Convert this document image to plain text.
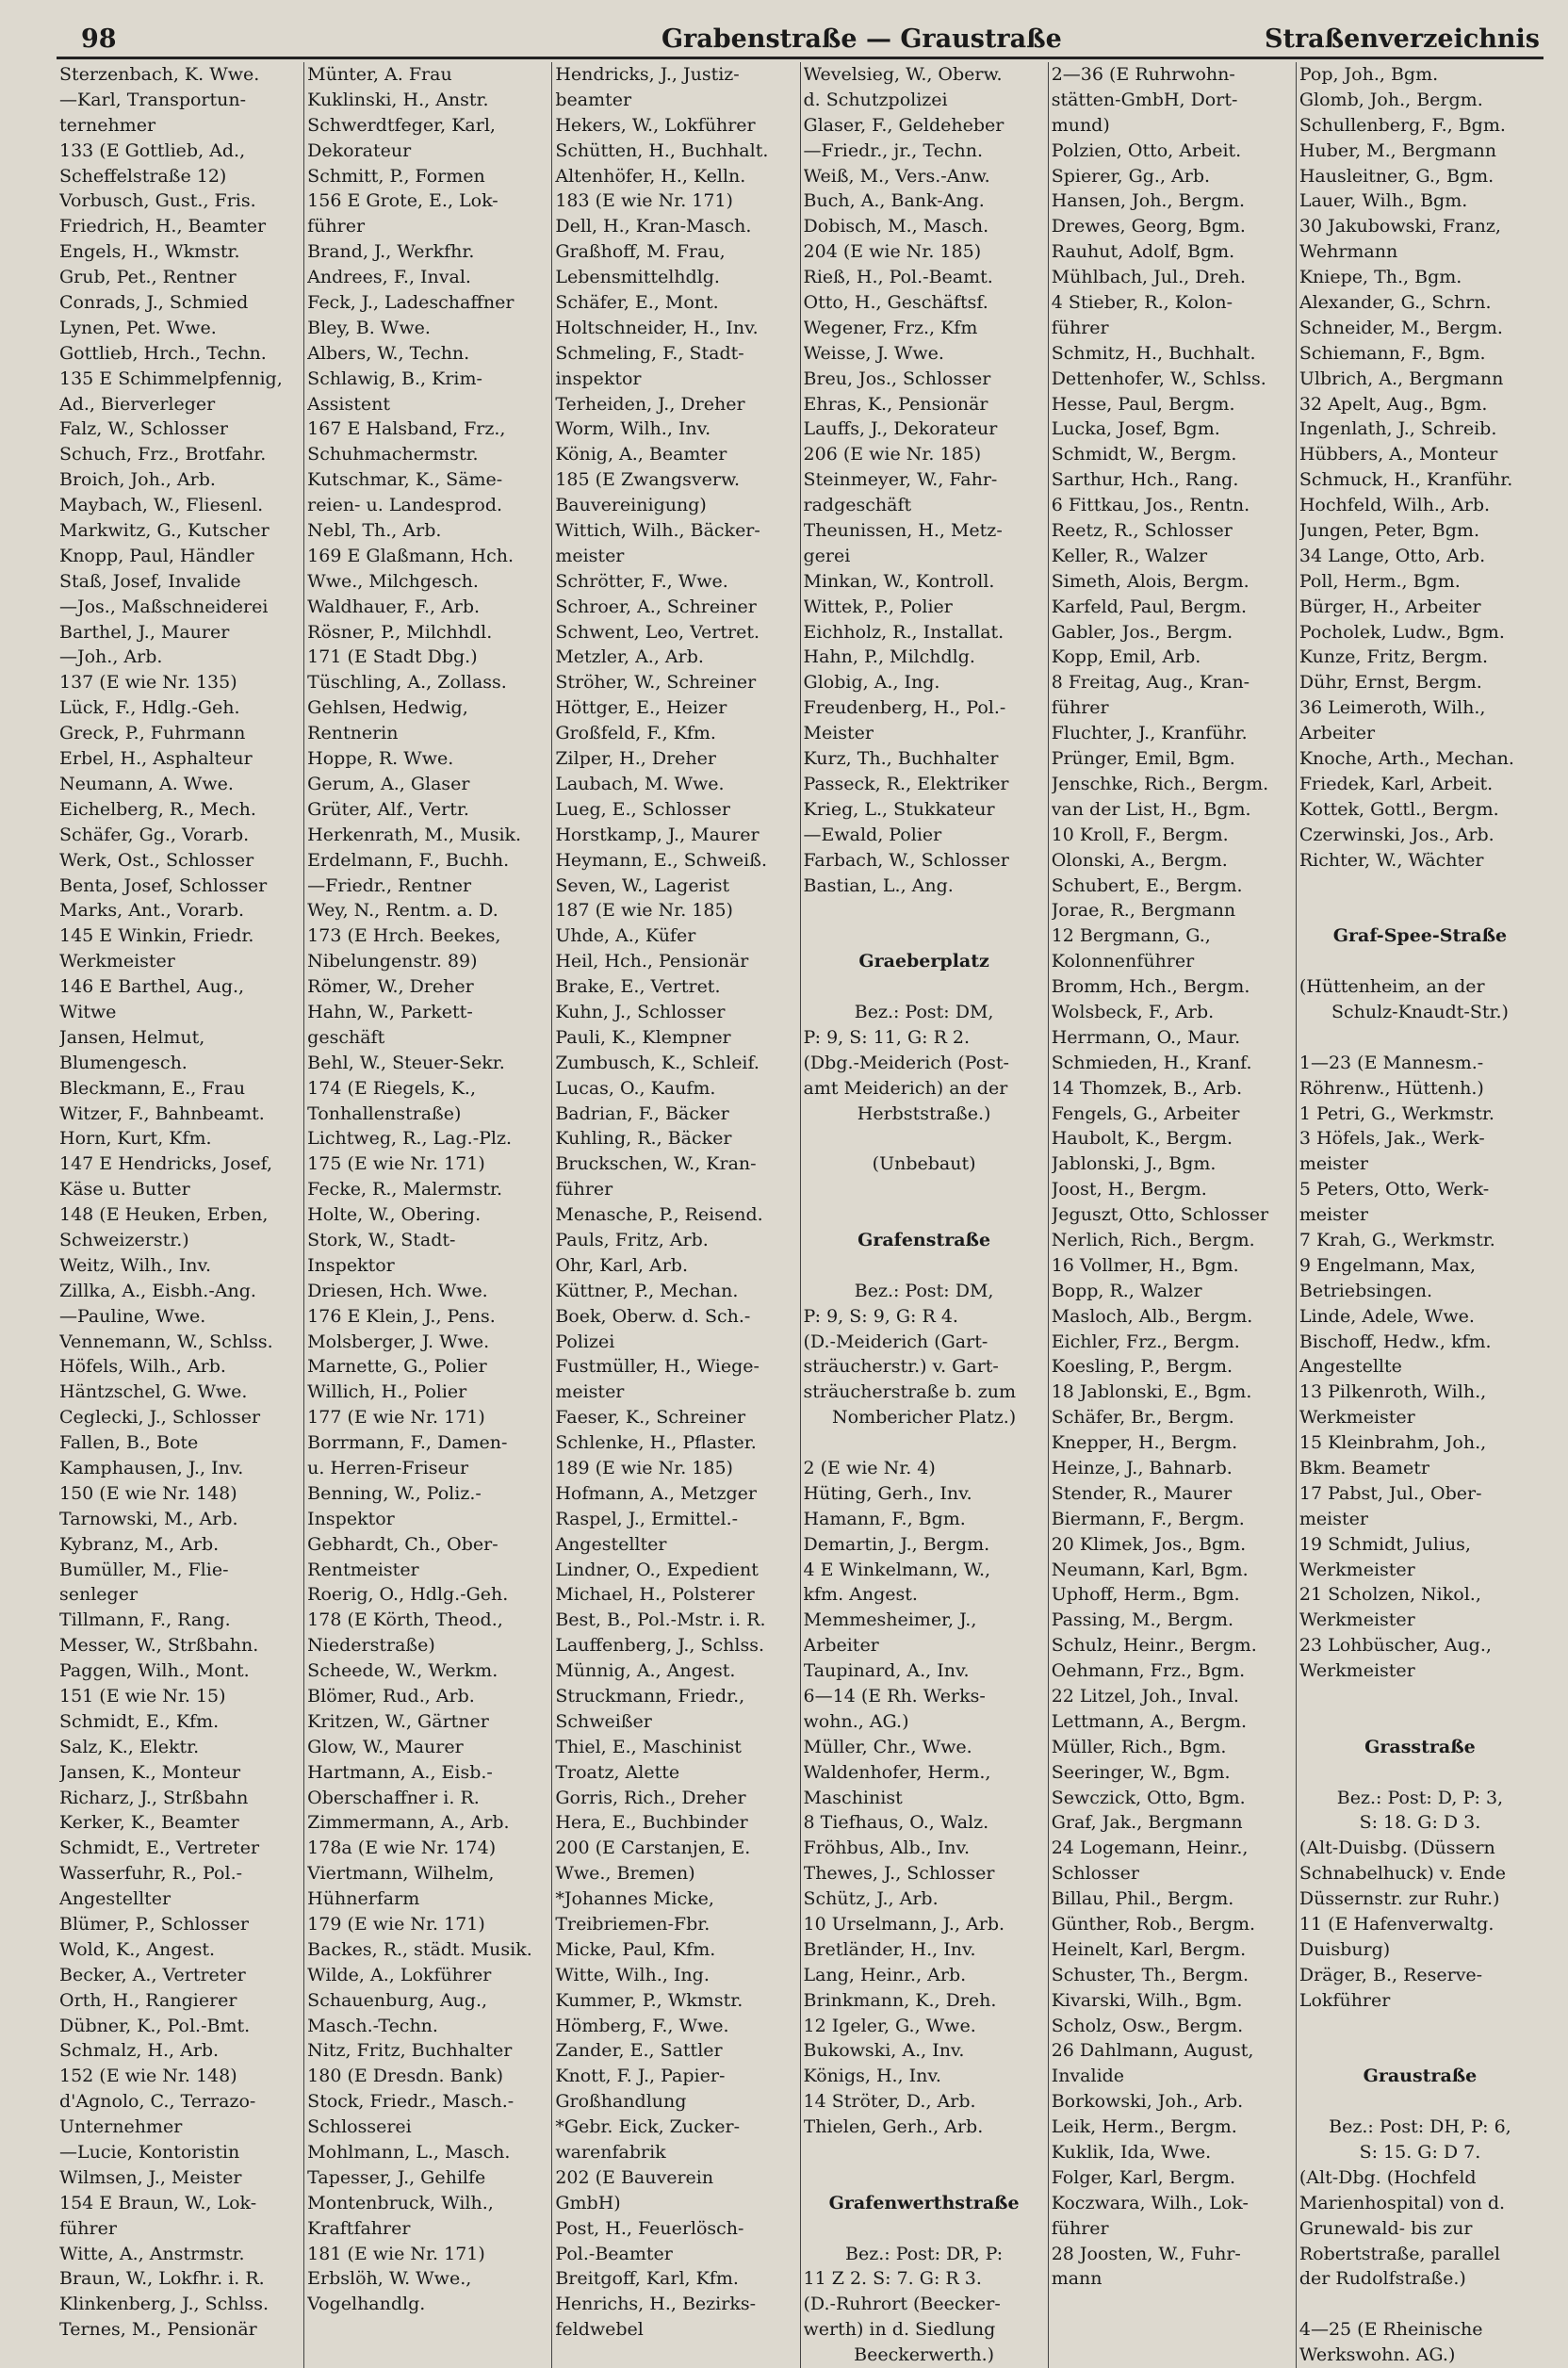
98	Grabenstraße — Graustraße	Straßenverzeichnis
Sterzenbach, K. Wwe.
—Karl, Transportun-
ternehmer
133 (E Gottlieb, Ad.,
Scheffelstraße 12)
Vorbusch, Gust., Fris.
Friedrich, H., Beamter
Engels, H., Wkmstr.
Grub, Pet., Rentner
Conrads, J., Schmied
Lynen, Pet. Wwe.
Gottlieb, Hrch., Techn.
135 E Schimmelpfennig,
Ad., Bierverleger
Falz, W., Schlosser
Schuch, Frz., Brotfahr.
Broich, Joh., Arb.
Maybach, W., Fliesenl.
Markwitz, G., Kutscher
Knopp, Paul, Händler
Staß, Josef, Invalide
—Jos., Maßschneiderei
Barthel, J., Maurer
—Joh., Arb.
137 (E wie Nr. 135)
Lück, F., Hdlg.-Geh.
Greck, P., Fuhrmann
Erbel, H., Asphalteur
Neumann, A. Wwe.
Eichelberg, R., Mech.
Schäfer, Gg., Vorarb.
Werk, Ost., Schlosser
Benta, Josef, Schlosser
Marks, Ant., Vorarb.
145 E Winkin, Friedr.
Werkmeister
146 E Barthel, Aug.,
Witwe
Jansen, Helmut,
Blumengesch.
Bleckmann, E., Frau
Witzer, F., Bahnbeamt.
Horn, Kurt, Kfm.
147 E Hendricks, Josef,
Käse u. Butter
148 (E Heuken, Erben,
Schweizerstr.)
Weitz, Wilh., Inv.
Zillka, A., Eisbh.-Ang.
—Pauline, Wwe.
Vennemann, W., Schlss.
Höfels, Wilh., Arb.
Häntzschel, G. Wwe.
Ceglecki, J., Schlosser
Fallen, B., Bote
Kamphausen, J., Inv.
150 (E wie Nr. 148)
Tarnowski, M., Arb.
Kybranz, M., Arb.
Bumüller, M., Flie-
senleger
Tillmann, F., Rang.
Messer, W., Strßbahn.
Paggen, Wilh., Mont.
151 (E wie Nr. 15)
Schmidt, E., Kfm.
Salz, K., Elektr.
Jansen, K., Monteur
Richarz, J., Strßbahn
Kerker, K., Beamter
Schmidt, E., Vertreter
Wasserfuhr, R., Pol.-
Angestellter
Blümer, P., Schlosser
Wold, K., Angest.
Becker, A., Vertreter
Orth, H., Rangierer
Dübner, K., Pol.-Bmt.
Schmalz, H., Arb.
152 (E wie Nr. 148)
d'Agnolo, C., Terrazo-
Unternehmer
—Lucie, Kontoristin
Wilmsen, J., Meister
154 E Braun, W., Lok-
führer
Witte, A., Anstrmstr.
Braun, W., Lokfhr. i. R.
Klinkenberg, J., Schlss.
Ternes, M., Pensionär
Münter, A. Frau
Kuklinski, H., Anstr.
Schwerdtfeger, Karl,
Dekorateur
Schmitt, P., Formen
156 E Grote, E., Lok-
führer
Brand, J., Werkfhr.
Andrees, F., Inval.
Feck, J., Ladeschaffner
Bley, B. Wwe.
Albers, W., Techn.
Schlawig, B., Krim-
Assistent
167 E Halsband, Frz.,
Schuhmachermstr.
Kutschmar, K., Säme-
reien- u. Landesprod.
Nebl, Th., Arb.
169 E Glaßmann, Hch.
Wwe., Milchgesch.
Waldhauer, F., Arb.
Rösner, P., Milchhdl.
171 (E Stadt Dbg.)
Tüschling, A., Zollass.
Gehlsen, Hedwig,
Rentnerin
Hoppe, R. Wwe.
Gerum, A., Glaser
Grüter, Alf., Vertr.
Herkenrath, M., Musik.
Erdelmann, F., Buchh.
—Friedr., Rentner
Wey, N., Rentm. a. D.
173 (E Hrch. Beekes,
Nibelungenstr. 89)
Römer, W., Dreher
Hahn, W., Parkett-
geschäft
Behl, W., Steuer-Sekr.
174 (E Riegels, K.,
Tonhallenstraße)
Lichtweg, R., Lag.-Plz.
175 (E wie Nr. 171)
Fecke, R., Malermstr.
Holte, W., Obering.
Stork, W., Stadt-
Inspektor
Driesen, Hch. Wwe.
176 E Klein, J., Pens.
Molsberger, J. Wwe.
Marnette, G., Polier
Willich, H., Polier
177 (E wie Nr. 171)
Borrmann, F., Damen-
u. Herren-Friseur
Benning, W., Poliz.-
Inspektor
Gebhardt, Ch., Ober-
Rentmeister
Roerig, O., Hdlg.-Geh.
178 (E Körth, Theod.,
Niederstraße)
Scheede, W., Werkm.
Blömer, Rud., Arb.
Kritzen, W., Gärtner
Glow, W., Maurer
Hartmann, A., Eisb.-
Oberschaffner i. R.
Zimmermann, A., Arb.
178a (E wie Nr. 174)
Viertmann, Wilhelm,
Hühnerfarm
179 (E wie Nr. 171)
Backes, R., städt. Musik.
Wilde, A., Lokführer
Schauenburg, Aug.,
Masch.-Techn.
Nitz, Fritz, Buchhalter
180 (E Dresdn. Bank)
Stock, Friedr., Masch.-
Schlosserei
Mohlmann, L., Masch.
Tapesser, J., Gehilfe
Montenbruck, Wilh.,
Kraftfahrer
181 (E wie Nr. 171)
Erbslöh, W. Wwe.,
Vogelhandlg.
Hendricks, J., Justiz-
beamter
Hekers, W., Lokführer
Schütten, H., Buchhalt.
Altenhöfer, H., Kelln.
183 (E wie Nr. 171)
Dell, H., Kran-Masch.
Graßhoff, M. Frau,
Lebensmittelhdlg.
Schäfer, E., Mont.
Holtschneider, H., Inv.
Schmeling, F., Stadt-
inspektor
Terheiden, J., Dreher
Worm, Wilh., Inv.
König, A., Beamter
185 (E Zwangsverw.
Bauvereinigung)
Wittich, Wilh., Bäcker-
meister
Schrötter, F., Wwe.
Schroer, A., Schreiner
Schwent, Leo, Vertret.
Metzler, A., Arb.
Ströher, W., Schreiner
Höttger, E., Heizer
Großfeld, F., Kfm.
Zilper, H., Dreher
Laubach, M. Wwe.
Lueg, E., Schlosser
Horstkamp, J., Maurer
Heymann, E., Schweiß.
Seven, W., Lagerist
187 (E wie Nr. 185)
Uhde, A., Küfer
Heil, Hch., Pensionär
Brake, E., Vertret.
Kuhn, J., Schlosser
Pauli, K., Klempner
Zumbusch, K., Schleif.
Lucas, O., Kaufm.
Badrian, F., Bäcker
Kuhling, R., Bäcker
Bruckschen, W., Kran-
führer
Menasche, P., Reisend.
Pauls, Fritz, Arb.
Ohr, Karl, Arb.
Küttner, P., Mechan.
Boek, Oberw. d. Sch.-
Polizei
Fustmüller, H., Wiege-
meister
Faeser, K., Schreiner
Schlenke, H., Pflaster.
189 (E wie Nr. 185)
Hofmann, A., Metzger
Raspel, J., Ermittel.-
Angestellter
Lindner, O., Expedient
Michael, H., Polsterer
Best, B., Pol.-Mstr. i. R.
Lauffenberg, J., Schlss.
Münnig, A., Angest.
Struckmann, Friedr.,
Schweißer
Thiel, E., Maschinist
Troatz, Alette
Gorris, Rich., Dreher
Hera, E., Buchbinder
200 (E Carstanjen, E.
Wwe., Bremen)
*Johannes Micke,
Treibriemen-Fbr.
Micke, Paul, Kfm.
Witte, Wilh., Ing.
Kummer, P., Wkmstr.
Hömberg, F., Wwe.
Zander, E., Sattler
Knott, F. J., Papier-
Großhandlung
*Gebr. Eick, Zucker-
warenfabrik
202 (E Bauverein
GmbH)
Post, H., Feuerlösch-
Pol.-Beamter
Breitgoff, Karl, Kfm.
Henrichs, H., Bezirks-
feldwebel
Wevelsieg, W., Oberw.
d. Schutzpolizei
Glaser, F., Geldeheber
—Friedr., jr., Techn.
Weiß, M., Vers.-Anw.
Buch, A., Bank-Ang.
Dobisch, M., Masch.
204 (E wie Nr. 185)
Rieß, H., Pol.-Beamt.
Otto, H., Geschäftsf.
Wegener, Frz., Kfm
Weisse, J. Wwe.
Breu, Jos., Schlosser
Ehras, K., Pensionär
Lauffs, J., Dekorateur
206 (E wie Nr. 185)
Steinmeyer, W., Fahr-
radgeschäft
Theunissen, H., Metz-
gerei
Minkan, W., Kontroll.
Wittek, P., Polier
Eichholz, R., Installat.
Hahn, P., Milchdlg.
Globig, A., Ing.
Freudenberg, H., Pol.-
Meister
Kurz, Th., Buchhalter
Passeck, R., Elektriker
Krieg, L., Stukkateur
—Ewald, Polier
Farbach, W., Schlosser
Bastian, L., Ang.
Graeberplatz
Bez.: Post: DM,
P: 9, S: 11, G: R 2.
(Dbg.-Meiderich (Post-
amt Meiderich) an der
Herbststraße.)
(Unbebaut)
Grafenstraße
Bez.: Post: DM,
P: 9, S: 9, G: R 4.
(D.-Meiderich (Gart-
sträucherstr.) v. Gart-
sträucherstraße b. zum
Nombericher Platz.)
2 (E wie Nr. 4)
Hüting, Gerh., Inv.
Hamann, F., Bgm.
Demartin, J., Bergm.
4 E Winkelmann, W.,
kfm. Angest.
Memmesheimer, J.,
Arbeiter
Taupinard, A., Inv.
6—14 (E Rh. Werks-
wohn., AG.)
Müller, Chr., Wwe.
Waldenhofer, Herm.,
Maschinist
8 Tiefhaus, O., Walz.
Fröhbus, Alb., Inv.
Thewes, J., Schlosser
Schütz, J., Arb.
10 Urselmann, J., Arb.
Bretländer, H., Inv.
Lang, Heinr., Arb.
Brinkmann, K., Dreh.
12 Igeler, G., Wwe.
Bukowski, A., Inv.
Königs, H., Inv.
14 Ströter, D., Arb.
Thielen, Gerh., Arb.
Grafenwerthstraße
Bez.: Post: DR, P:
11 Z 2. S: 7. G: R 3.
(D.-Ruhrort (Beecker-
werth) in d. Siedlung
Beeckerwerth.)
2—36 (E Ruhrwohn-
stätten-GmbH, Dort-
mund)
Polzien, Otto, Arbeit.
Spierer, Gg., Arb.
Hansen, Joh., Bergm.
Drewes, Georg, Bgm.
Rauhut, Adolf, Bgm.
Mühlbach, Jul., Dreh.
4 Stieber, R., Kolon-
führer
Schmitz, H., Buchhalt.
Dettenhofer, W., Schlss.
Hesse, Paul, Bergm.
Lucka, Josef, Bgm.
Schmidt, W., Bergm.
Sarthur, Hch., Rang.
6 Fittkau, Jos., Rentn.
Reetz, R., Schlosser
Keller, R., Walzer
Simeth, Alois, Bergm.
Karfeld, Paul, Bergm.
Gabler, Jos., Bergm.
Kopp, Emil, Arb.
8 Freitag, Aug., Kran-
führer
Fluchter, J., Kranführ.
Prünger, Emil, Bgm.
Jenschke, Rich., Bergm.
van der List, H., Bgm.
10 Kroll, F., Bergm.
Olonski, A., Bergm.
Schubert, E., Bergm.
Jorae, R., Bergmann
12 Bergmann, G.,
Kolonnenführer
Bromm, Hch., Bergm.
Wolsbeck, F., Arb.
Herrmann, O., Maur.
Schmieden, H., Kranf.
14 Thomzek, B., Arb.
Fengels, G., Arbeiter
Haubolt, K., Bergm.
Jablonski, J., Bgm.
Joost, H., Bergm.
Jeguszt, Otto, Schlosser
Nerlich, Rich., Bergm.
16 Vollmer, H., Bgm.
Bopp, R., Walzer
Masloch, Alb., Bergm.
Eichler, Frz., Bergm.
Koesling, P., Bergm.
18 Jablonski, E., Bgm.
Schäfer, Br., Bergm.
Knepper, H., Bergm.
Heinze, J., Bahnarb.
Stender, R., Maurer
Biermann, F., Bergm.
20 Klimek, Jos., Bgm.
Neumann, Karl, Bgm.
Uphoff, Herm., Bgm.
Passing, M., Bergm.
Schulz, Heinr., Bergm.
Oehmann, Frz., Bgm.
22 Litzel, Joh., Inval.
Lettmann, A., Bergm.
Müller, Rich., Bgm.
Seeringer, W., Bgm.
Sewczick, Otto, Bgm.
Graf, Jak., Bergmann
24 Logemann, Heinr.,
Schlosser
Billau, Phil., Bergm.
Günther, Rob., Bergm.
Heinelt, Karl, Bergm.
Schuster, Th., Bergm.
Kivarski, Wilh., Bgm.
Scholz, Osw., Bergm.
26 Dahlmann, August,
Invalide
Borkowski, Joh., Arb.
Leik, Herm., Bergm.
Kuklik, Ida, Wwe.
Folger, Karl, Bergm.
Koczwara, Wilh., Lok-
führer
28 Joosten, W., Fuhr-
mann
Pop, Joh., Bgm.
Glomb, Joh., Bergm.
Schullenberg, F., Bgm.
Huber, M., Bergmann
Hausleitner, G., Bgm.
Lauer, Wilh., Bgm.
30 Jakubowski, Franz,
Wehrmann
Kniepe, Th., Bgm.
Alexander, G., Schrn.
Schneider, M., Bergm.
Schiemann, F., Bgm.
Ulbrich, A., Bergmann
32 Apelt, Aug., Bgm.
Ingenlath, J., Schreib.
Hübbers, A., Monteur
Schmuck, H., Kranführ.
Hochfeld, Wilh., Arb.
Jungen, Peter, Bgm.
34 Lange, Otto, Arb.
Poll, Herm., Bgm.
Bürger, H., Arbeiter
Pocholek, Ludw., Bgm.
Kunze, Fritz, Bergm.
Dühr, Ernst, Bergm.
36 Leimeroth, Wilh.,
Arbeiter
Knoche, Arth., Mechan.
Friedek, Karl, Arbeit.
Kottek, Gottl., Bergm.
Czerwinski, Jos., Arb.
Richter, W., Wächter
Graf-Spee-Straße
(Hüttenheim, an der
Schulz-Knaudt-Str.)
1—23 (E Mannesm.-
Röhrenw., Hüttenh.)
1 Petri, G., Werkmstr.
3 Höfels, Jak., Werk-
meister
5 Peters, Otto, Werk-
meister
7 Krah, G., Werkmstr.
9 Engelmann, Max,
Betriebsingen.
Linde, Adele, Wwe.
Bischoff, Hedw., kfm.
Angestellte
13 Pilkenroth, Wilh.,
Werkmeister
15 Kleinbrahm, Joh.,
Bkm. Beametr
17 Pabst, Jul., Ober-
meister
19 Schmidt, Julius,
Werkmeister
21 Scholzen, Nikol.,
Werkmeister
23 Lohbüscher, Aug.,
Werkmeister
Grasstraße
Bez.: Post: D, P: 3,
S: 18. G: D 3.
(Alt-Duisbg. (Düssern
Schnabelhuck) v. Ende
Düssernstr. zur Ruhr.)
11 (E Hafenverwaltg.
Duisburg)
Dräger, B., Reserve-
Lokführer
Graustraße
Bez.: Post: DH, P: 6,
S: 15. G: D 7.
(Alt-Dbg. (Hochfeld
Marienhospital) von d.
Grunewald- bis zur
Robertstraße, parallel
der Rudolfstraße.)
4—25 (E Rheinische
Werkswohn. AG.)
